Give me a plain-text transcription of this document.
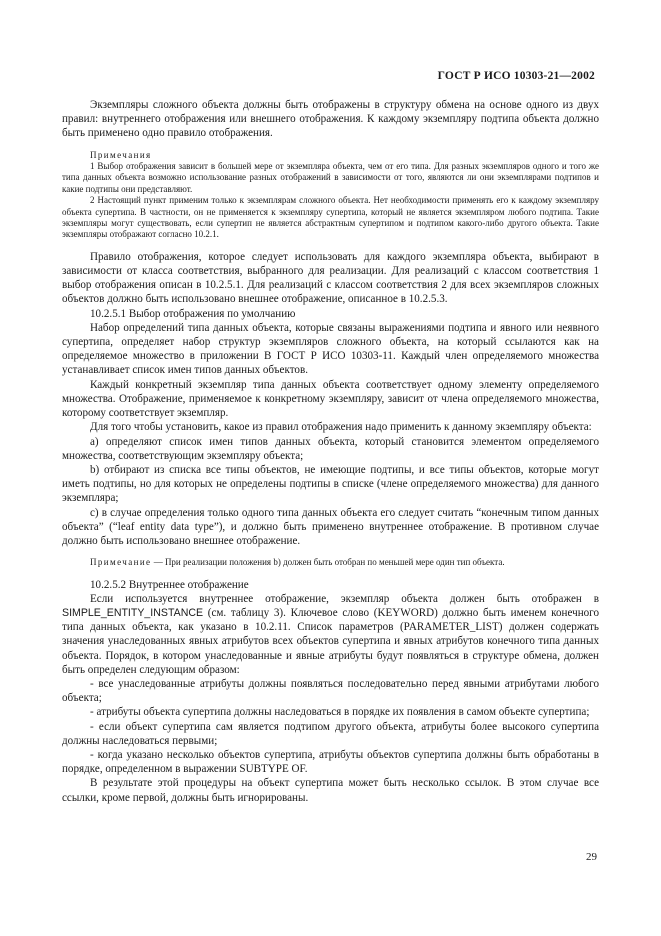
ГОСТ Р ИСО 10303-21—2002

Экземпляры сложного объекта должны быть отображены в структуру обмена на основе одного из двух правил: внутреннего отображения или внешнего отображения. К каждому экземпляру подтипа объекта должно быть применено одно правило отображения.

Примечания

1 Выбор отображения зависит в большей мере от экземпляра объекта, чем от его типа. Для разных экземпляров одного и того же типа данных объекта возможно использование разных отображений в зависимости от того, являются ли они экземплярами подтипов и какие подтипы они представляют.

2 Настоящий пункт применим только к экземплярам сложного объекта. Нет необходимости применять его к каждому экземпляру объекта супертипа. В частности, он не применяется к экземпляру супертипа, который не является экземпляром любого подтипа. Такие экземпляры могут существовать, если супертип не является абстрактным супертипом и подтипом какого-либо другого объекта. Такие экземпляры отображают согласно 10.2.1.

Правило отображения, которое следует использовать для каждого экземпляра объекта, выбирают в зависимости от класса соответствия, выбранного для реализации. Для реализаций с классом соответствия 1 выбор отображения описан в 10.2.5.1. Для реализаций с классом соответствия 2 для всех экземпляров сложных объектов должно быть использовано внешнее отображение, описанное в 10.2.5.3.

10.2.5.1 Выбор отображения по умолчанию

Набор определений типа данных объекта, которые связаны выражениями подтипа и явного или неявного супертипа, определяет набор структур экземпляров сложного объекта, на который ссылаются как на определяемое множество в приложении В ГОСТ Р ИСО 10303-11. Каждый член определяемого множества устанавливает список имен типов данных объектов.

Каждый конкретный экземпляр типа данных объекта соответствует одному элементу определяемого множества. Отображение, применяемое к конкретному экземпляру, зависит от члена определяемого множества, которому соответствует экземпляр.

Для того чтобы установить, какое из правил отображения надо применить к данному экземпляру объекта:

а) определяют список имен типов данных объекта, который становится элементом определяемого множества, соответствующим экземпляру объекта;

b) отбирают из списка все типы объектов, не имеющие подтипы, и все типы объектов, которые могут иметь подтипы, но для которых не определены подтипы в списке (члене определяемого множества) для данного экземпляра;

с) в случае определения только одного типа данных объекта его следует считать “конечным типом данных объекта” (“leaf entity data type”), и должно быть применено внутреннее отображение. В противном случае должно быть использовано внешнее отображение.

Примечание — При реализации положения b) должен быть отобран по меньшей мере один тип объекта.

10.2.5.2 Внутреннее отображение

Если используется внутреннее отображение, экземпляр объекта должен быть отображен в SIMPLE_ENTITY_INSTANCE (см. таблицу 3). Ключевое слово (KEYWORD) должно быть именем конечного типа данных объекта, как указано в 10.2.11. Список параметров (PARAMETER_LIST) должен содержать значения унаследованных явных атрибутов всех объектов супертипа и явных атрибутов конечного типа данных объекта. Порядок, в котором унаследованные и явные атрибуты будут появляться в структуре обмена, должен быть определен следующим образом:

- все унаследованные атрибуты должны появляться последовательно перед явными атрибутами любого объекта;

- атрибуты объекта супертипа должны наследоваться в порядке их появления в самом объекте супертипа;

- если объект супертипа сам является подтипом другого объекта, атрибуты более высокого супертипа должны наследоваться первыми;

- когда указано несколько объектов супертипа, атрибуты объектов супертипа должны быть обработаны в порядке, определенном в выражении SUBTYPE OF.

В результате этой процедуры на объект супертипа может быть несколько ссылок. В этом случае все ссылки, кроме первой, должны быть игнорированы.

29
